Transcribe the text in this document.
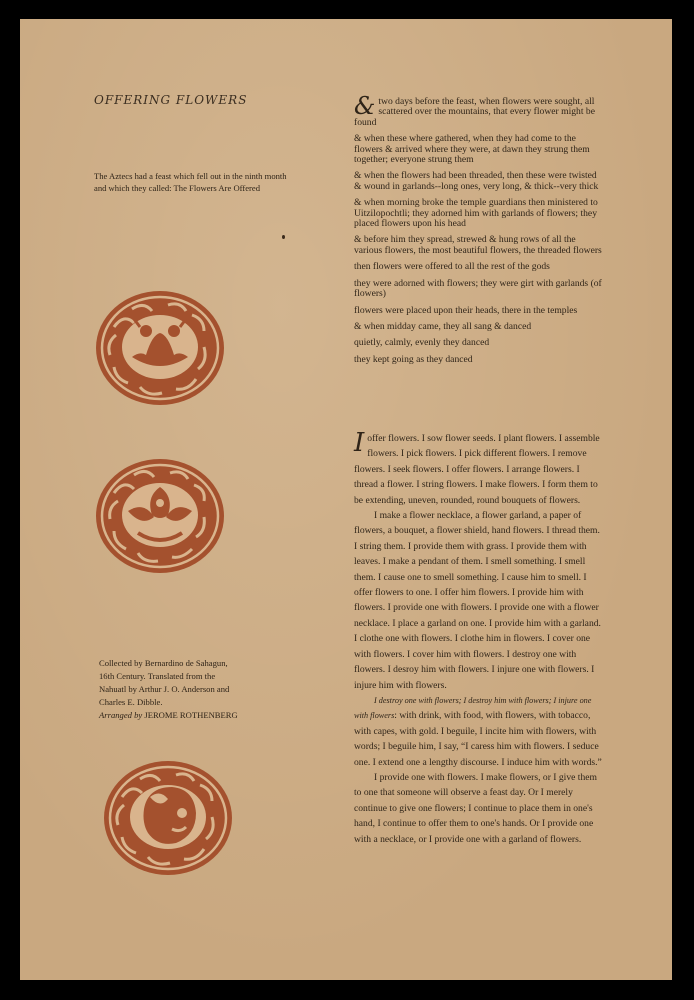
OFFERING FLOWERS

The Aztecs had a feast which fell out in the ninth month and which they called: The Flowers Are Offered

Collected by Bernardino de Sahagun,
16th Century. Translated from the
Nahuatl by Arthur J. O. Anderson and
Charles E. Dibble.
Arranged by JEROME ROTHENBERG

& two days before the feast, when flowers were sought, all scattered over the mountains, that every flower might be found

& when these where gathered, when they had come to the flowers & arrived where they were, at dawn they strung them together; everyone strung them

& when the flowers had been threaded, then these were twisted & wound in garlands--long ones, very long, & thick--very thick

& when morning broke the temple guardians then ministered to Uitzilopochtli; they adorned him with garlands of flowers; they placed flowers upon his head

& before him they spread, strewed & hung rows of all the various flowers, the most beautiful flowers, the threaded flowers

then flowers were offered to all the rest of the gods

they were adorned with flowers; they were girt with garlands (of flowers)

flowers were placed upon their heads, there in the temples

& when midday came, they all sang & danced

quietly, calmly, evenly they danced

they kept going as they danced

Ioffer flowers. I sow flower seeds. I plant flowers. I assemble flowers. I pick flowers. I pick different flowers. I remove flowers. I seek flowers. I offer flowers. I arrange flowers. I thread a flower. I string flowers. I make flowers. I form them to be extending, uneven, rounded, round bouquets of flowers.

I make a flower necklace, a flower garland, a paper of flowers, a bouquet, a flower shield, hand flowers. I thread them. I string them. I provide them with grass. I provide them with leaves. I make a pendant of them. I smell something. I smell them. I cause one to smell something. I cause him to smell. I offer flowers to one. I offer him flowers. I provide him with flowers. I provide one with flowers. I provide one with a flower necklace. I place a garland on one. I provide him with a garland. I clothe one with flowers. I clothe him in flowers. I cover one with flowers. I cover him with flowers. I destroy one with flowers. I desroy him with flowers. I injure one with flowers. I injure him with flowers.

I destroy one with flowers; I destroy him with flowers; I injure one with flowers: with drink, with food, with flowers, with tobacco, with capes, with gold. I beguile, I incite him with flowers, with words; I beguile him, I say, “I caress him with flowers. I seduce one. I extend one a lengthy discourse. I induce him with words.”

I provide one with flowers. I make flowers, or I give them to one that someone will observe a feast day. Or I merely continue to give one flowers; I continue to place them in one's hand, I continue to offer them to one's hands. Or I provide one with a necklace, or I provide one with a garland of flowers.
